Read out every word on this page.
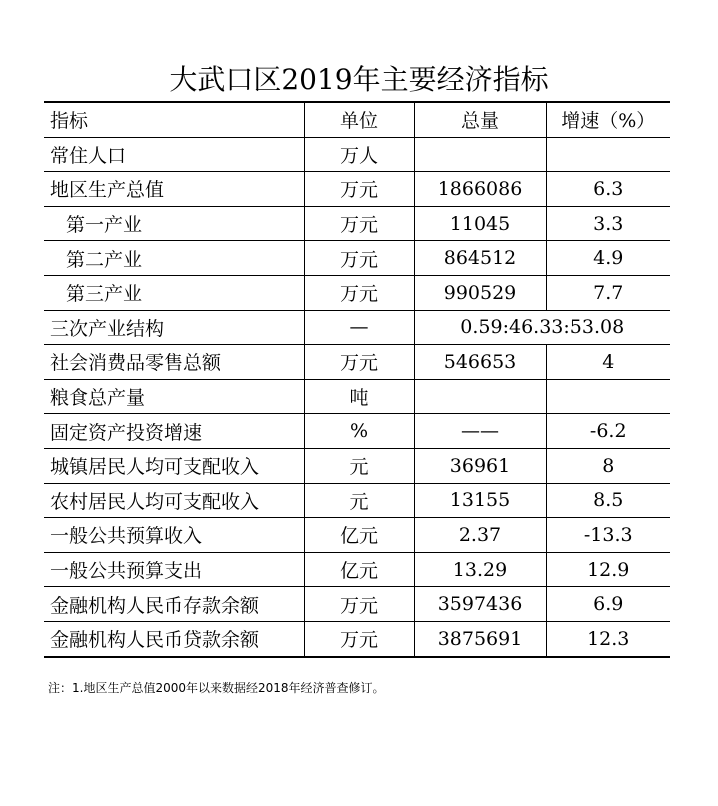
大武口区2019年主要经济指标
指标	单位	总量	增速（%）
常住人口	万人		
地区生产总值	万元	1866086	6.3
第一产业	万元	11045	3.3
第二产业	万元	864512	4.9
第三产业	万元	990529	7.7
三次产业结构	—	0.59:46.33:53.08	
社会消费品零售总额	万元	546653	4
粮食总产量	吨		
固定资产投资增速	%	——	-6.2
城镇居民人均可支配收入	元	36961	8
农村居民人均可支配收入	元	13155	8.5
一般公共预算收入	亿元	2.37	-13.3
一般公共预算支出	亿元	13.29	12.9
金融机构人民币存款余额	万元	3597436	6.9
金融机构人民币贷款余额	万元	3875691	12.3
注：1.地区生产总值2000年以来数据经2018年经济普查修订。
